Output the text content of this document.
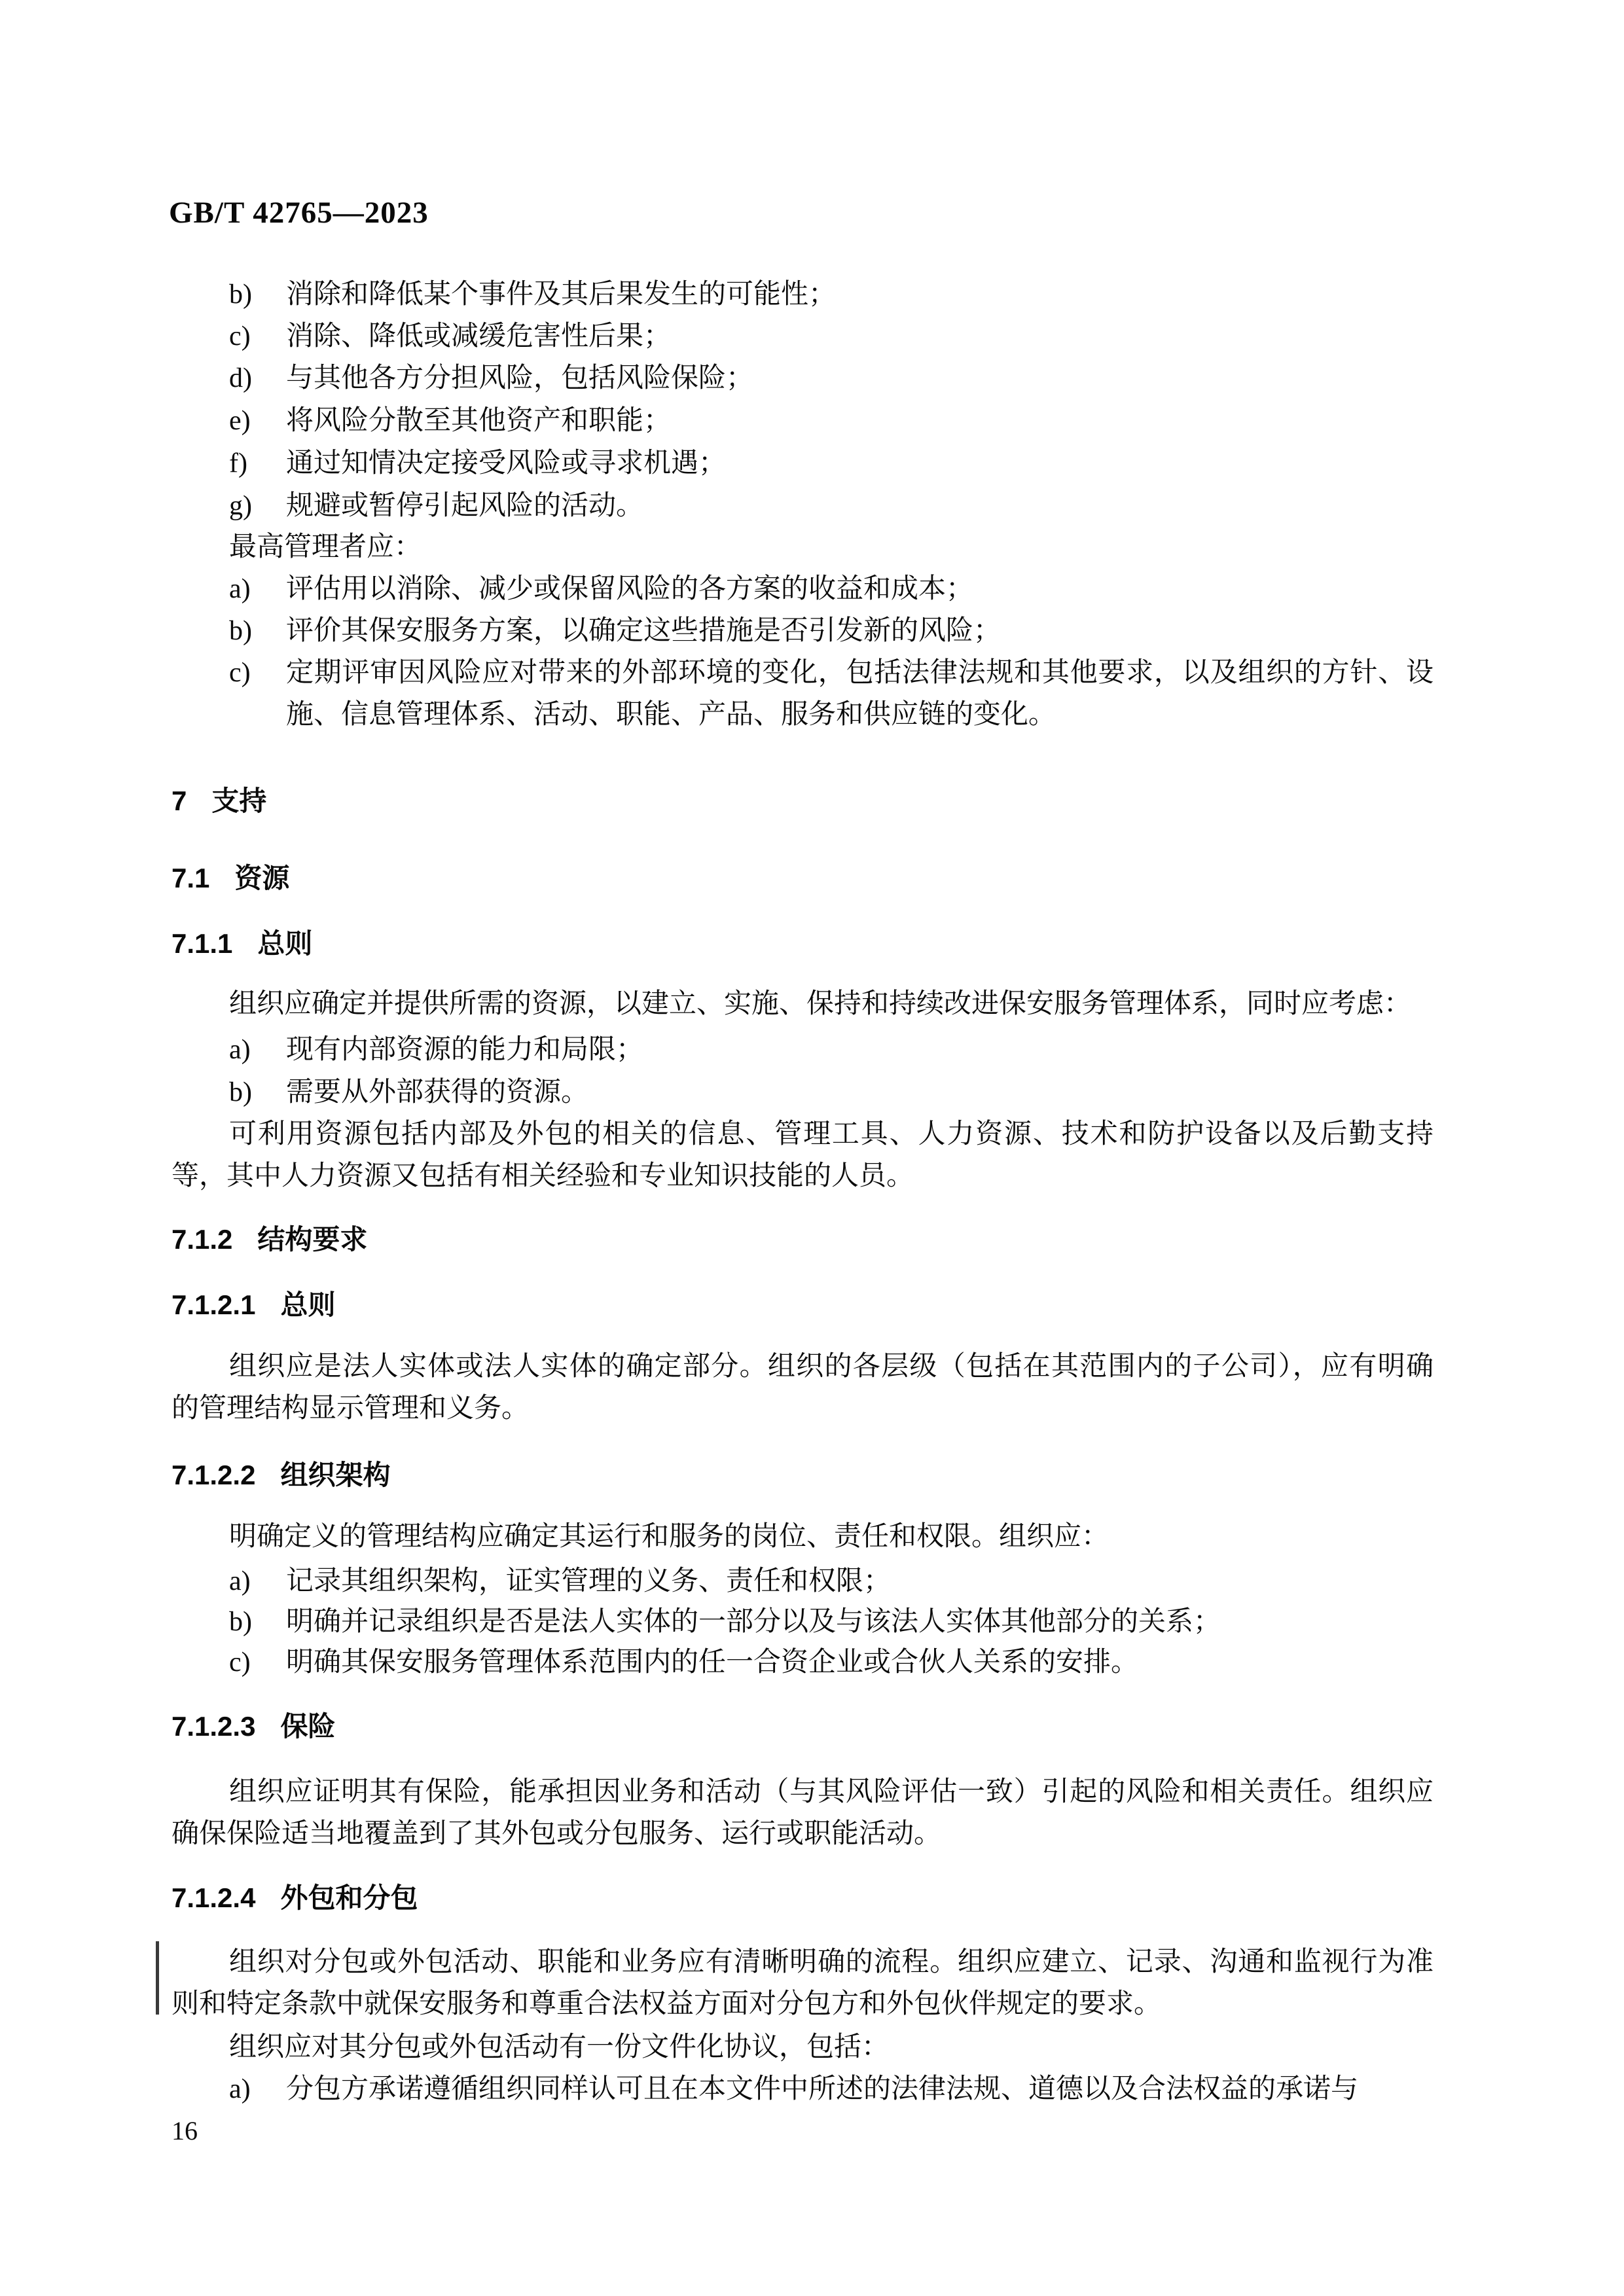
GB/T 42765—2023
b)	消除和降低某个事件及其后果发生的可能性；
c)	消除、降低或减缓危害性后果；
d)	与其他各方分担风险，包括风险保险；
e)	将风险分散至其他资产和职能；
f)	通过知情决定接受风险或寻求机遇；
g)	规避或暂停引起风险的活动。
最高管理者应：
a)	评估用以消除、减少或保留风险的各方案的收益和成本；
b)	评价其保安服务方案，以确定这些措施是否引发新的风险；
c)	定期评审因风险应对带来的外部环境的变化，包括法律法规和其他要求，以及组织的方针、设
施、信息管理体系、活动、职能、产品、服务和供应链的变化。
7 支持
7.1 资源
7.1.1 总则
组织应确定并提供所需的资源，以建立、实施、保持和持续改进保安服务管理体系，同时应考虑：
a)	现有内部资源的能力和局限；
b)	需要从外部获得的资源。
可利用资源包括内部及外包的相关的信息、管理工具、人力资源、技术和防护设备以及后勤支持
等，其中人力资源又包括有相关经验和专业知识技能的人员。
7.1.2 结构要求
7.1.2.1 总则
组织应是法人实体或法人实体的确定部分。组织的各层级（包括在其范围内的子公司），应有明确
的管理结构显示管理和义务。
7.1.2.2 组织架构
明确定义的管理结构应确定其运行和服务的岗位、责任和权限。组织应：
a)	记录其组织架构，证实管理的义务、责任和权限；
b)	明确并记录组织是否是法人实体的一部分以及与该法人实体其他部分的关系；
c)	明确其保安服务管理体系范围内的任一合资企业或合伙人关系的安排。
7.1.2.3 保险
组织应证明其有保险，能承担因业务和活动（与其风险评估一致）引起的风险和相关责任。组织应
确保保险适当地覆盖到了其外包或分包服务、运行或职能活动。
7.1.2.4 外包和分包
组织对分包或外包活动、职能和业务应有清晰明确的流程。组织应建立、记录、沟通和监视行为准
则和特定条款中就保安服务和尊重合法权益方面对分包方和外包伙伴规定的要求。
组织应对其分包或外包活动有一份文件化协议，包括：
a)	分包方承诺遵循组织同样认可且在本文件中所述的法律法规、道德以及合法权益的承诺与
16
